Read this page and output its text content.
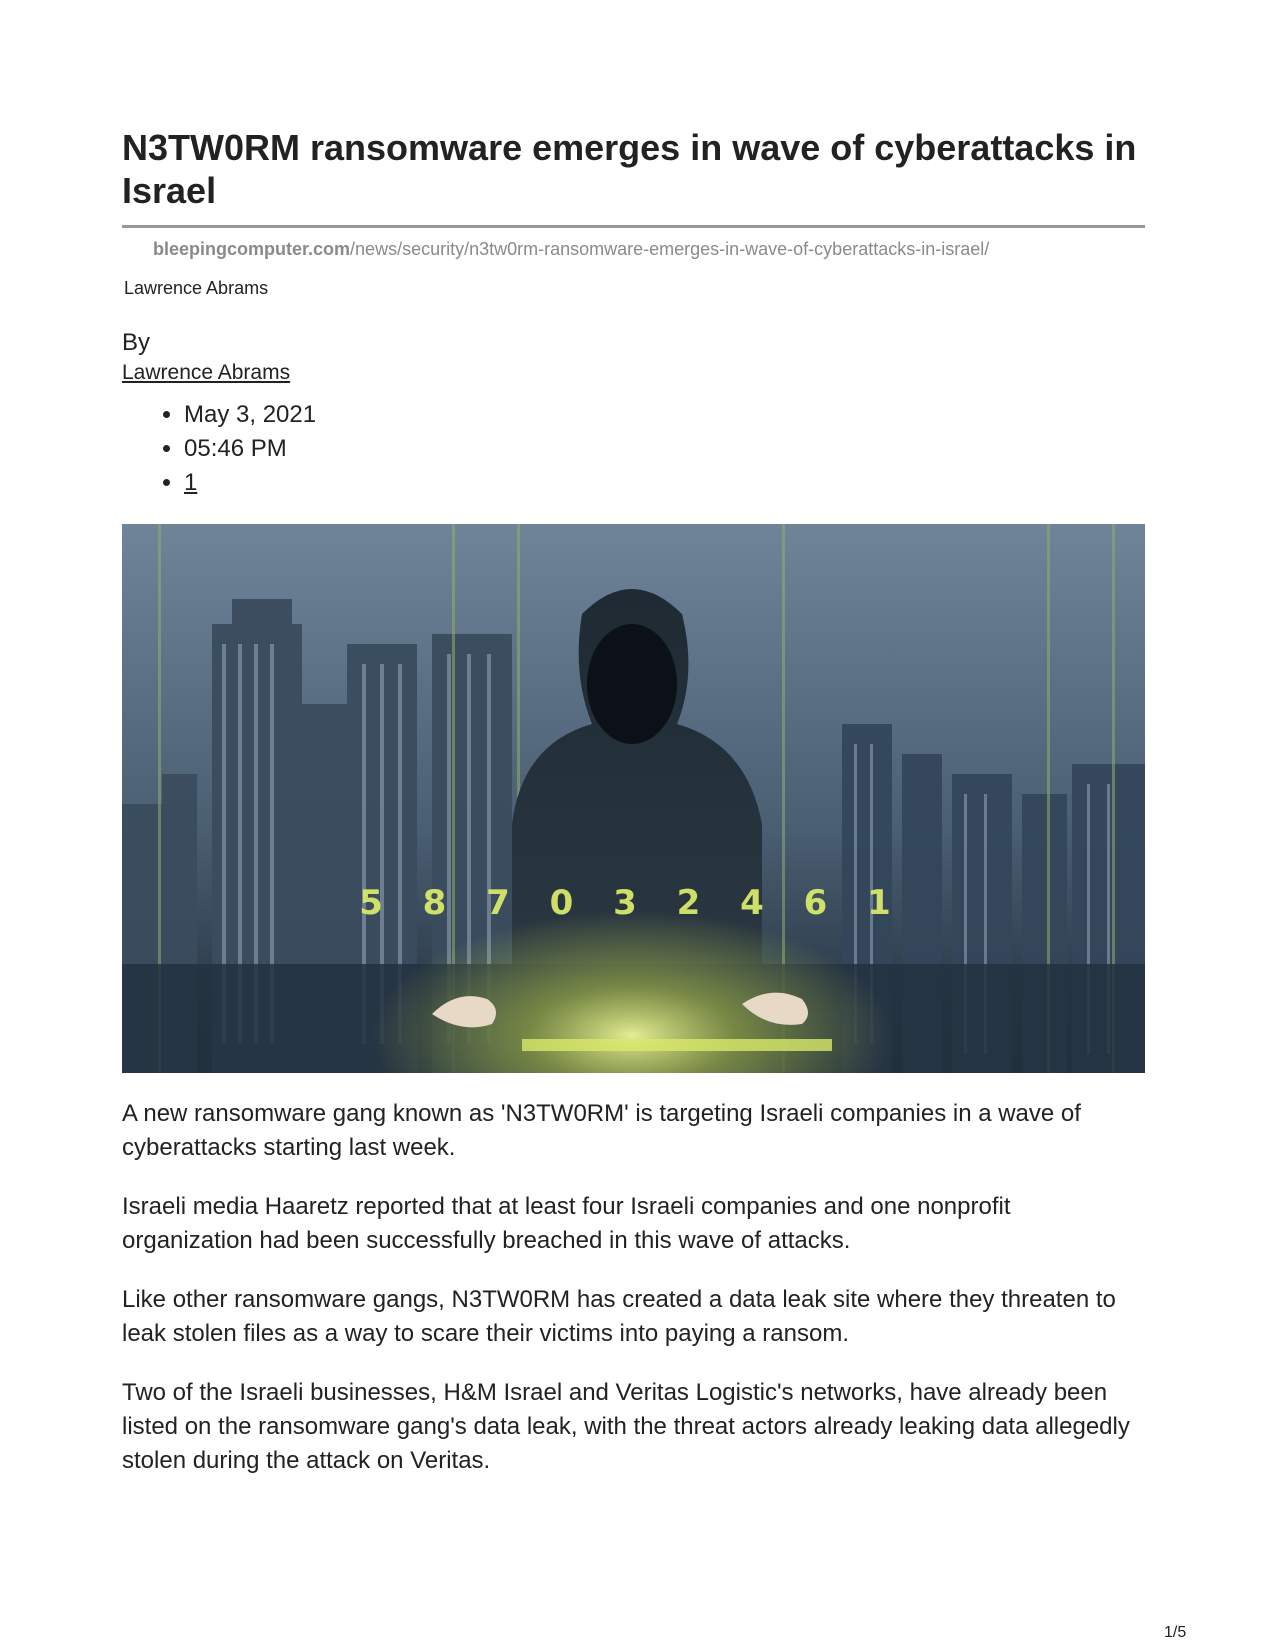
N3TW0RM ransomware emerges in wave of cyberattacks in Israel
bleepingcomputer.com/news/security/n3tw0rm-ransomware-emerges-in-wave-of-cyberattacks-in-israel/
Lawrence Abrams
By
Lawrence Abrams
• May 3, 2021
• 05:46 PM
• 1
5 8 7 0 3 2 4 6 1

A new ransomware gang known as 'N3TW0RM' is targeting Israeli companies in a wave of cyberattacks starting last week.

Israeli media Haaretz reported that at least four Israeli companies and one nonprofit organization had been successfully breached in this wave of attacks.

Like other ransomware gangs, N3TW0RM has created a data leak site where they threaten to leak stolen files as a way to scare their victims into paying a ransom.

Two of the Israeli businesses, H&M Israel and Veritas Logistic's networks, have already been listed on the ransomware gang's data leak, with the threat actors already leaking data allegedly stolen during the attack on Veritas.

1/5
